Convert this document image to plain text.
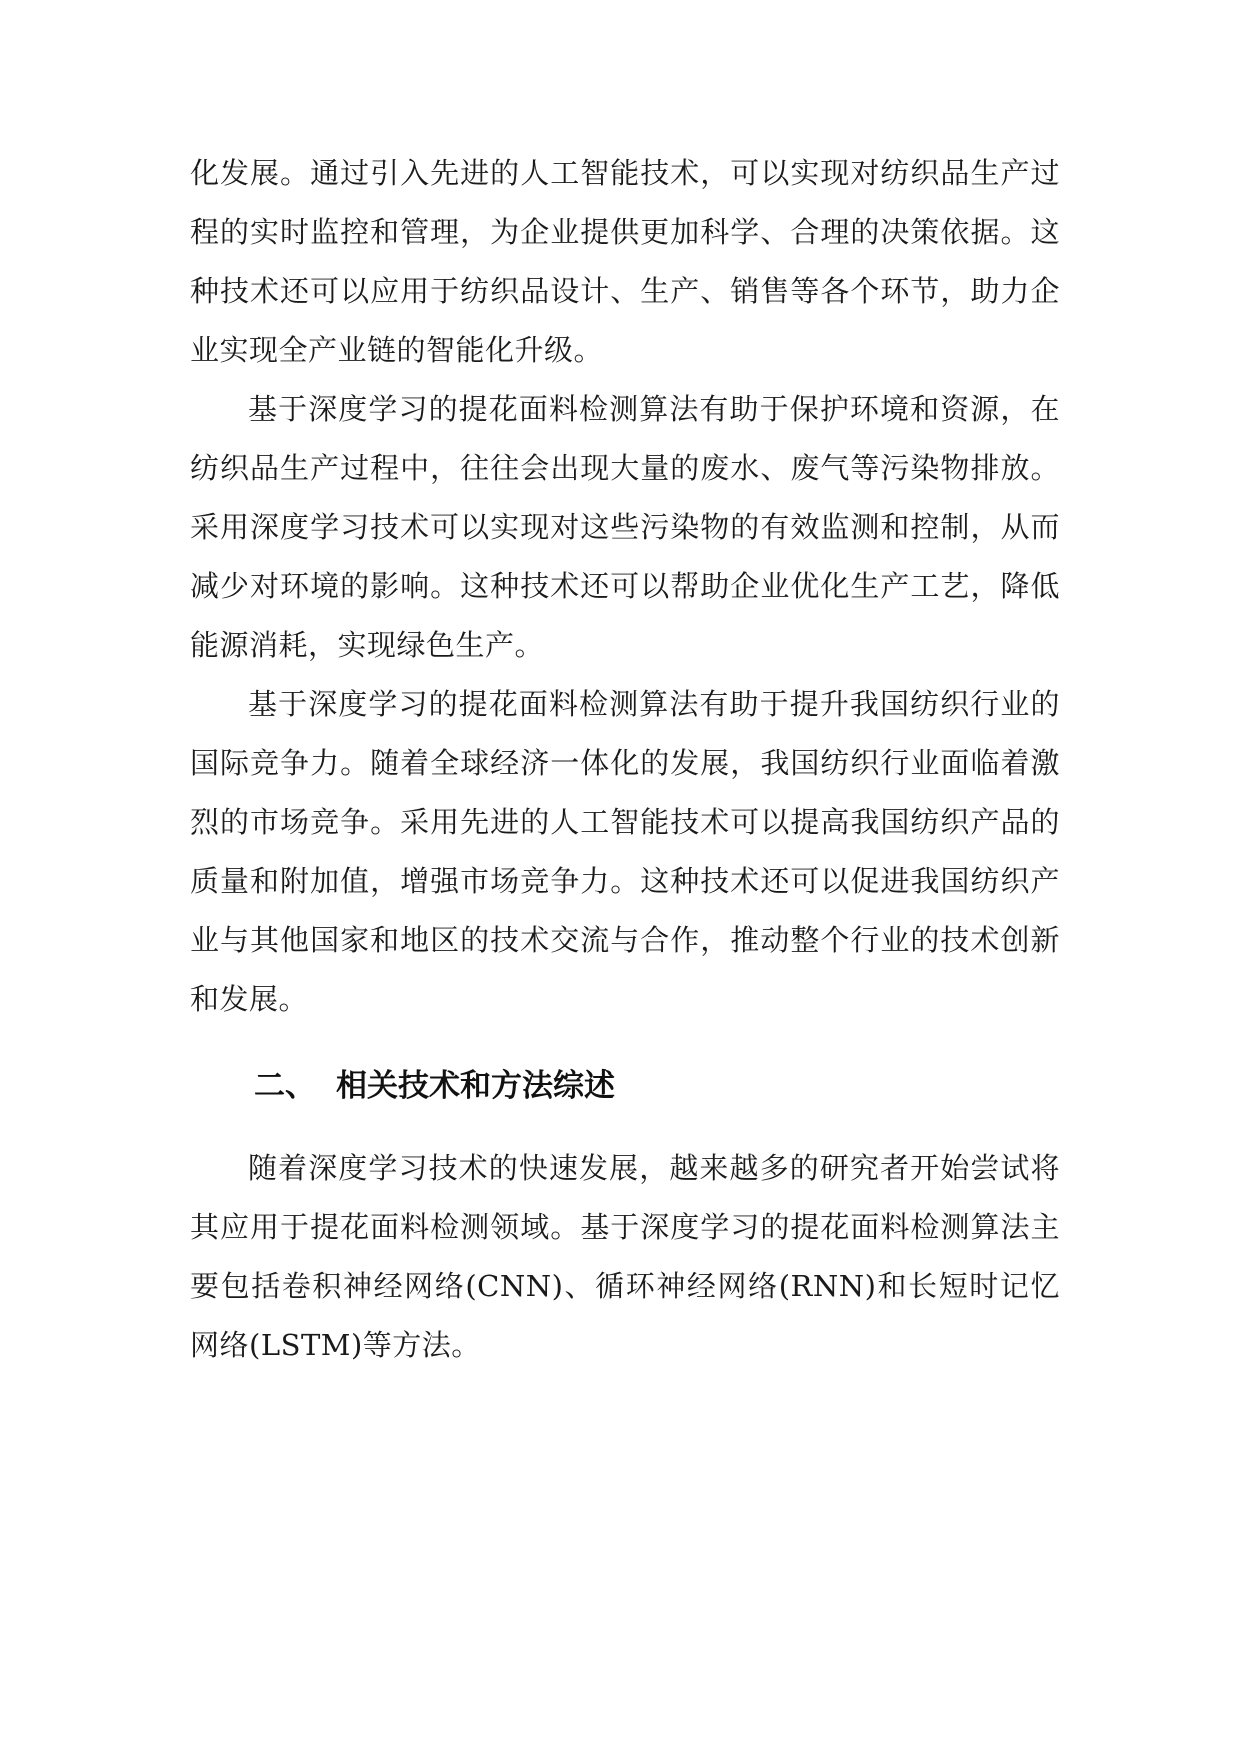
化发展。通过引入先进的人工智能技术，可以实现对纺织品生产过程的实时监控和管理，为企业提供更加科学、合理的决策依据。这种技术还可以应用于纺织品设计、生产、销售等各个环节，助力企业实现全产业链的智能化升级。

基于深度学习的提花面料检测算法有助于保护环境和资源，在纺织品生产过程中，往往会出现大量的废水、废气等污染物排放。采用深度学习技术可以实现对这些污染物的有效监测和控制，从而减少对环境的影响。这种技术还可以帮助企业优化生产工艺，降低能源消耗，实现绿色生产。

基于深度学习的提花面料检测算法有助于提升我国纺织行业的国际竞争力。随着全球经济一体化的发展，我国纺织行业面临着激烈的市场竞争。采用先进的人工智能技术可以提高我国纺织产品的质量和附加值，增强市场竞争力。这种技术还可以促进我国纺织产业与其他国家和地区的技术交流与合作，推动整个行业的技术创新和发展。

二、 相关技术和方法综述

随着深度学习技术的快速发展，越来越多的研究者开始尝试将其应用于提花面料检测领域。基于深度学习的提花面料检测算法主要包括卷积神经网络(CNN)、循环神经网络(RNN)和长短时记忆网络(LSTM)等方法。
